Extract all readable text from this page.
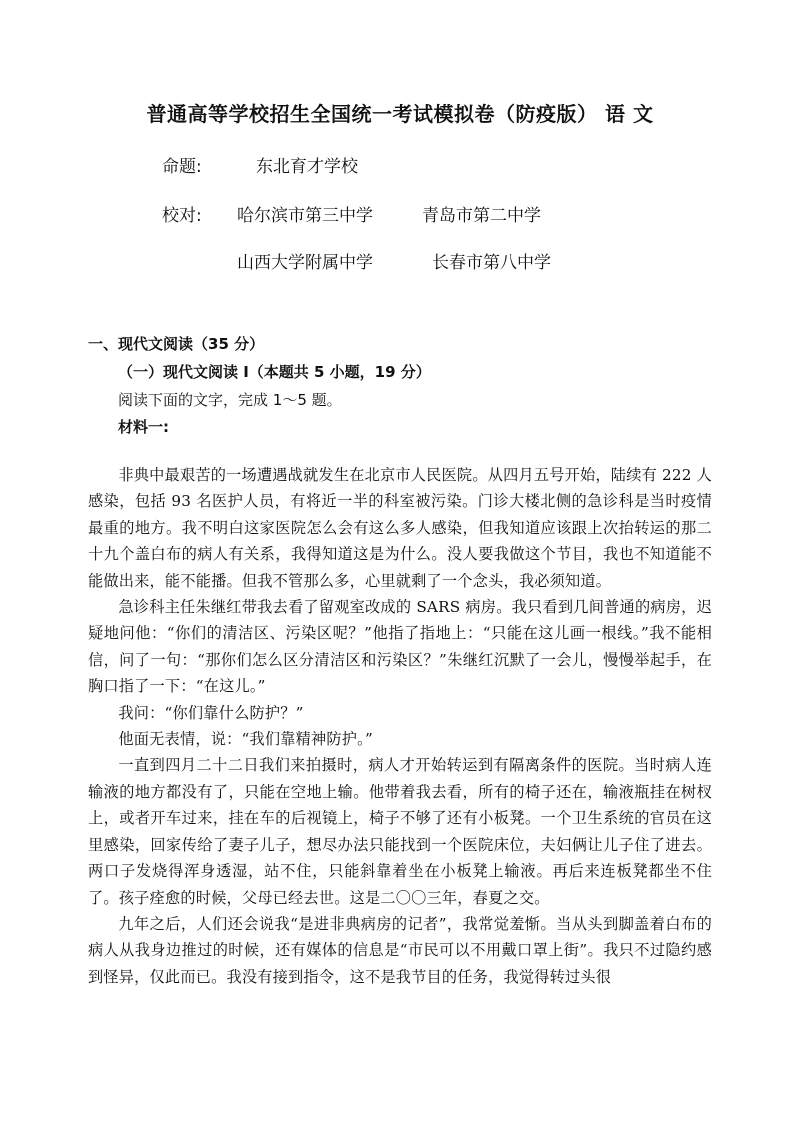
普通高等学校招生全国统一考试模拟卷（防疫版） 语 文
命题:	东北育才学校
校对: 哈尔滨市第三中学	青岛市第二中学
山西大学附属中学	长春市第八中学
一、现代文阅读（35 分）
（一）现代文阅读 I（本题共 5 小题，19 分）
阅读下面的文字，完成 1～5 题。
材料一:

非典中最艰苦的一场遭遇战就发生在北京市人民医院。从四月五号开始，陆续有 222 人感染，包括 93 名医护人员，有将近一半的科室被污染。门诊大楼北侧的急诊科是当时疫情最重的地方。我不明白这家医院怎么会有这么多人感染，但我知道应该跟上次抬转运的那二十九个盖白布的病人有关系，我得知道这是为什么。没人要我做这个节目，我也不知道能不能做出来，能不能播。但我不管那么多，心里就剩了一个念头，我必须知道。

急诊科主任朱继红带我去看了留观室改成的 SARS 病房。我只看到几间普通的病房，迟疑地问他：“你们的清洁区、污染区呢？”他指了指地上：“只能在这儿画一根线。”我不能相信，问了一句：“那你们怎么区分清洁区和污染区？”朱继红沉默了一会儿，慢慢举起手，在胸口指了一下：“在这儿。”

我问：“你们靠什么防护？”

他面无表情，说：“我们靠精神防护。”

一直到四月二十二日我们来拍摄时，病人才开始转运到有隔离条件的医院。当时病人连输液的地方都没有了，只能在空地上输。他带着我去看，所有的椅子还在，输液瓶挂在树杈上，或者开车过来，挂在车的后视镜上，椅子不够了还有小板凳。一个卫生系统的官员在这里感染，回家传给了妻子儿子，想尽办法只能找到一个医院床位，夫妇俩让儿子住了进去。两口子发烧得浑身透湿，站不住，只能斜靠着坐在小板凳上输液。再后来连板凳都坐不住了。孩子痊愈的时候，父母已经去世。这是二〇〇三年，春夏之交。

九年之后，人们还会说我“是进非典病房的记者”，我常觉羞惭。当从头到脚盖着白布的病人从我身边推过的时候，还有媒体的信息是“市民可以不用戴口罩上街”。我只不过隐约感到怪异，仅此而已。我没有接到指令，这不是我节目的任务，我觉得转过头很
